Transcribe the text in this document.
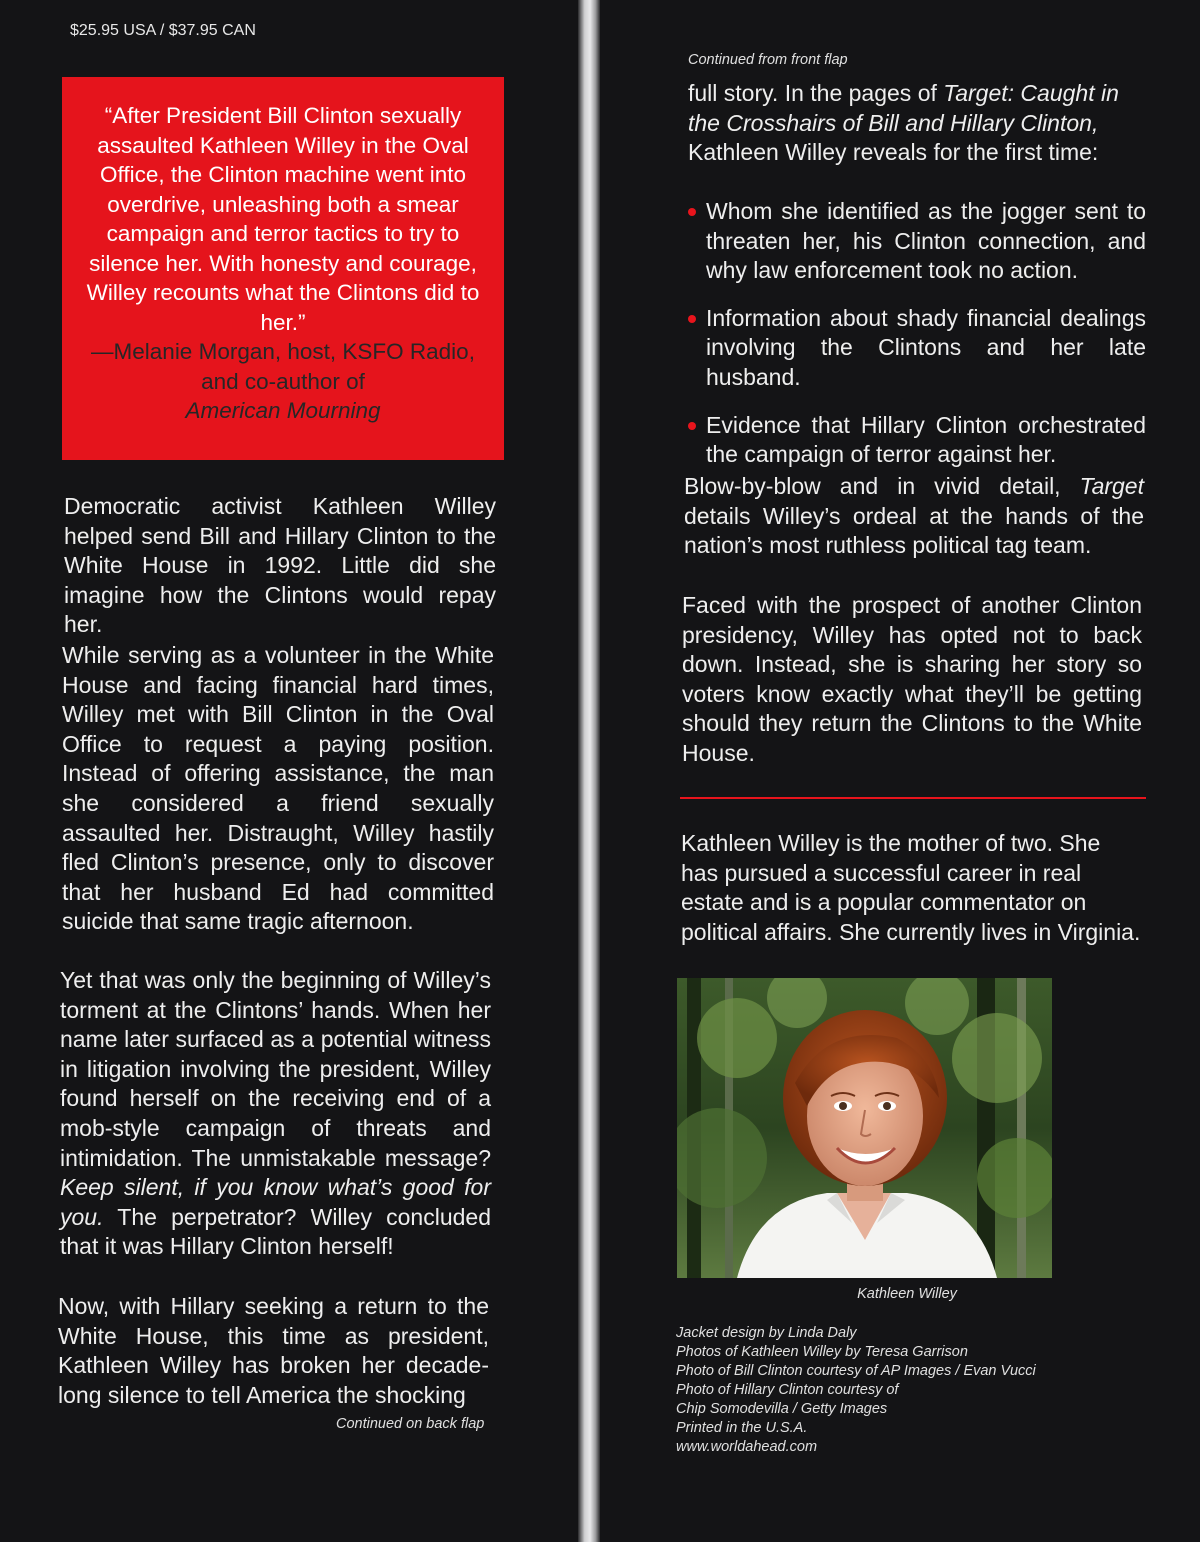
$25.95 USA / $37.95 CAN

“After President Bill Clinton sexually assaulted Kathleen Willey in the Oval Office, the Clinton machine went into overdrive, unleashing both a smear campaign and terror tactics to try to silence her. With honesty and courage, Willey recounts what the Clintons did to her.”

—Melanie Morgan, host, KSFO Radio, and co-author of

American Mourning

Democratic activist Kathleen Willey helped send Bill and Hillary Clinton to the White House in 1992. Little did she imagine how the Clintons would repay her.

While serving as a volunteer in the White House and facing financial hard times, Willey met with Bill Clinton in the Oval Office to request a paying position. Instead of offering assistance, the man she considered a friend sexually assaulted her. Distraught, Willey hastily fled Clinton’s presence, only to discover that her husband Ed had committed suicide that same tragic afternoon.

Yet that was only the beginning of Willey’s torment at the Clintons’ hands. When her name later surfaced as a potential witness in litigation involving the president, Willey found herself on the receiving end of a mob-style campaign of threats and intimidation. The unmistakable message? Keep silent, if you know what’s good for you. The perpetrator? Willey concluded that it was Hillary Clinton herself!

Now, with Hillary seeking a return to the White House, this time as president, Kathleen Willey has broken her decade-long silence to tell America the shocking

Continued on back flap

Continued from front flap

full story. In the pages of Target: Caught in the Crosshairs of Bill and Hillary Clinton, Kathleen Willey reveals for the first time:

Whom she identified as the jogger sent to threaten her, his Clinton connection, and why law enforcement took no action.
Information about shady financial dealings involving the Clintons and her late husband.
Evidence that Hillary Clinton orchestrated the campaign of terror against her.

Blow-by-blow and in vivid detail, Target details Willey’s ordeal at the hands of the nation’s most ruthless political tag team.

Faced with the prospect of another Clinton presidency, Willey has opted not to back down. Instead, she is sharing her story so voters know exactly what they’ll be getting should they return the Clintons to the White House.

Kathleen Willey is the mother of two. She has pursued a successful career in real estate and is a popular commentator on political affairs. She currently lives in Virginia.

Kathleen Willey

Jacket design by Linda Daly
Photos of Kathleen Willey by Teresa Garrison
Photo of Bill Clinton courtesy of AP Images / Evan Vucci
Photo of Hillary Clinton courtesy of
Chip Somodevilla / Getty Images
Printed in the U.S.A.
www.worldahead.com
